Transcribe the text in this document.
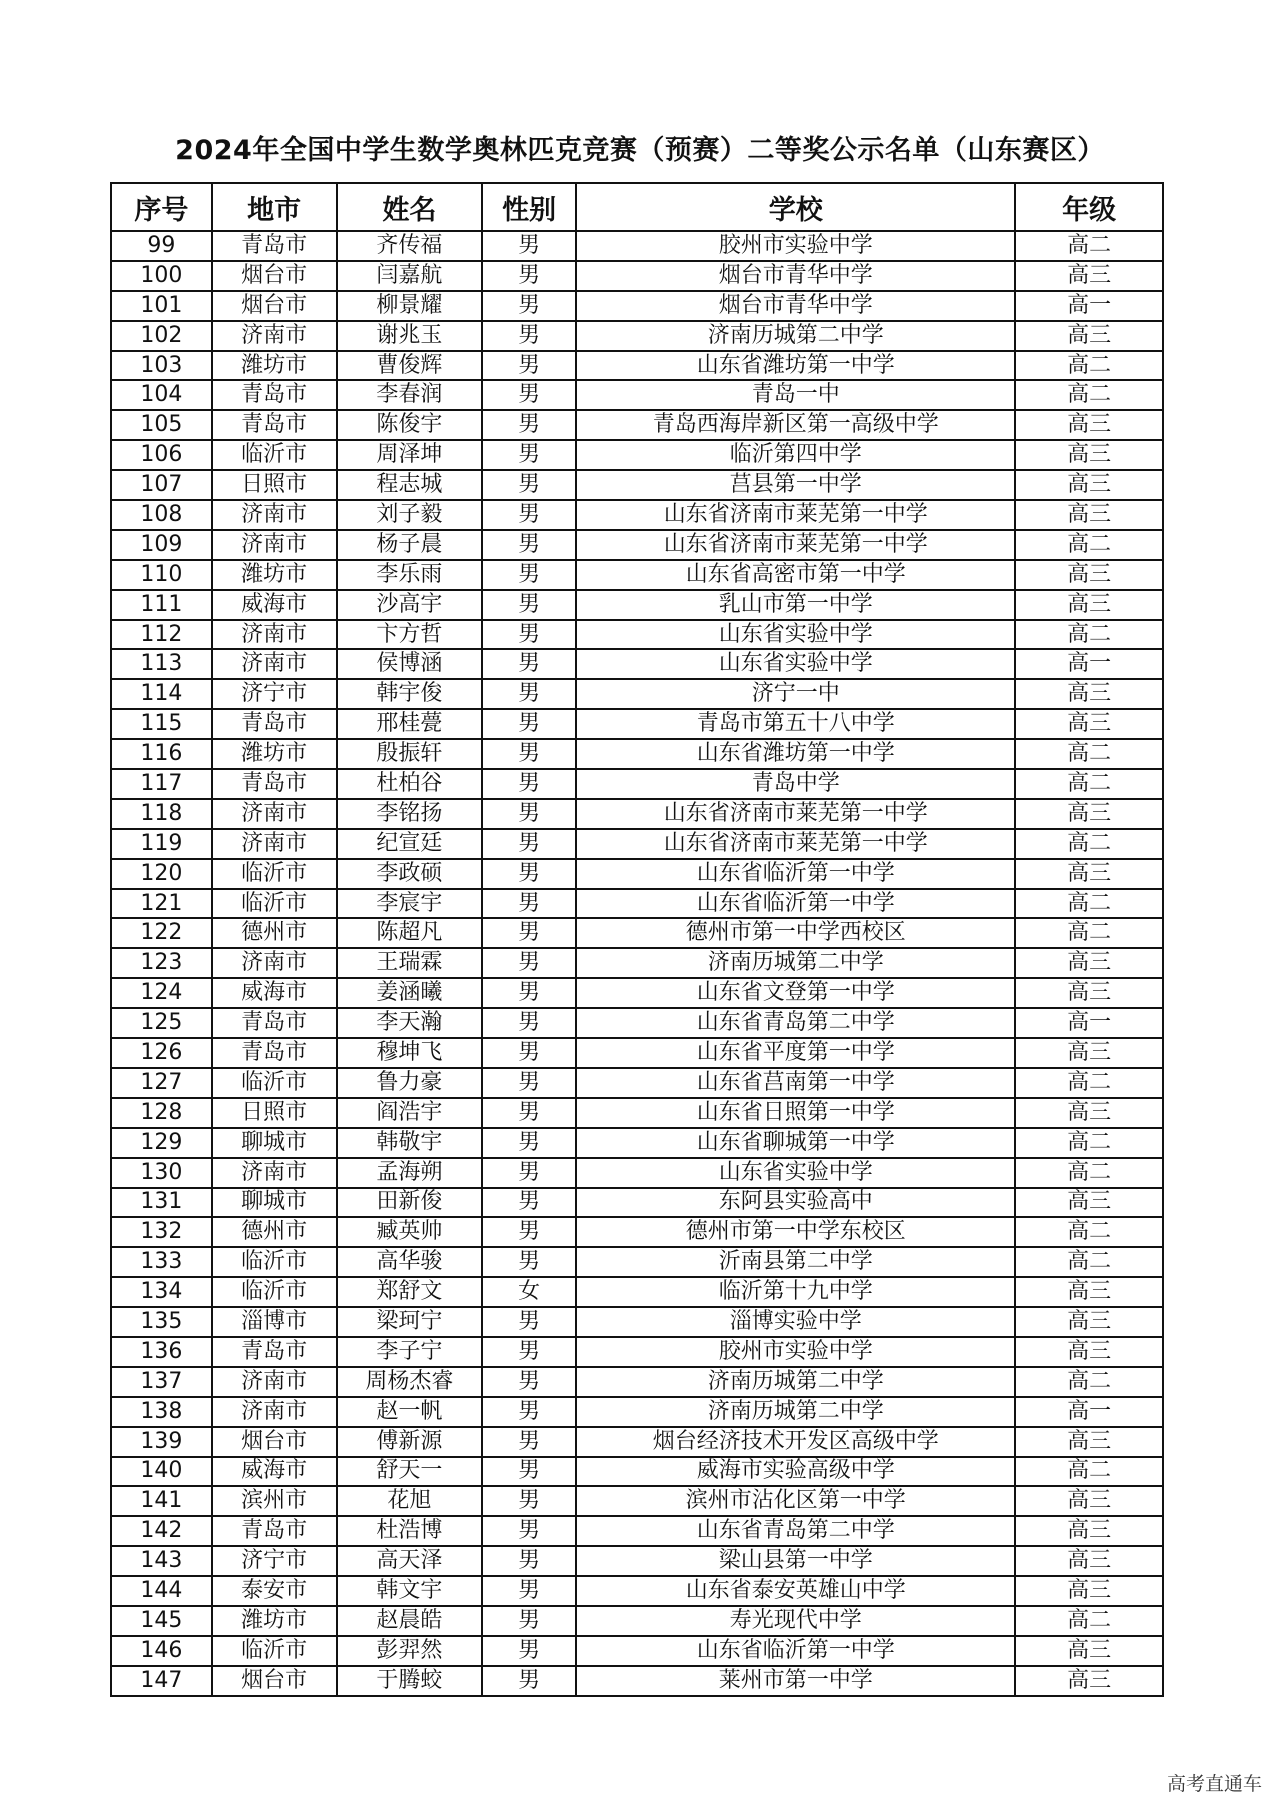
2024年全国中学生数学奥林匹克竞赛（预赛）二等奖公示名单（山东赛区）
序号	地市	姓名	性别	学校	年级
99	青岛市	齐传福	男	胶州市实验中学	高二
100	烟台市	闫嘉航	男	烟台市青华中学	高三
101	烟台市	柳景耀	男	烟台市青华中学	高一
102	济南市	谢兆玉	男	济南历城第二中学	高三
103	潍坊市	曹俊辉	男	山东省潍坊第一中学	高二
104	青岛市	李春润	男	青岛一中	高二
105	青岛市	陈俊宇	男	青岛西海岸新区第一高级中学	高三
106	临沂市	周泽坤	男	临沂第四中学	高三
107	日照市	程志城	男	莒县第一中学	高三
108	济南市	刘子毅	男	山东省济南市莱芜第一中学	高三
109	济南市	杨子晨	男	山东省济南市莱芜第一中学	高二
110	潍坊市	李乐雨	男	山东省高密市第一中学	高三
111	威海市	沙高宇	男	乳山市第一中学	高三
112	济南市	卞方哲	男	山东省实验中学	高二
113	济南市	侯博涵	男	山东省实验中学	高一
114	济宁市	韩宇俊	男	济宁一中	高三
115	青岛市	邢桂甍	男	青岛市第五十八中学	高三
116	潍坊市	殷振轩	男	山东省潍坊第一中学	高二
117	青岛市	杜柏谷	男	青岛中学	高二
118	济南市	李铭扬	男	山东省济南市莱芜第一中学	高三
119	济南市	纪宣廷	男	山东省济南市莱芜第一中学	高二
120	临沂市	李政硕	男	山东省临沂第一中学	高三
121	临沂市	李宸宇	男	山东省临沂第一中学	高二
122	德州市	陈超凡	男	德州市第一中学西校区	高二
123	济南市	王瑞霖	男	济南历城第二中学	高三
124	威海市	姜涵曦	男	山东省文登第一中学	高三
125	青岛市	李天瀚	男	山东省青岛第二中学	高一
126	青岛市	穆坤飞	男	山东省平度第一中学	高三
127	临沂市	鲁力豪	男	山东省莒南第一中学	高二
128	日照市	阎浩宇	男	山东省日照第一中学	高三
129	聊城市	韩敬宇	男	山东省聊城第一中学	高二
130	济南市	孟海朔	男	山东省实验中学	高二
131	聊城市	田新俊	男	东阿县实验高中	高三
132	德州市	臧英帅	男	德州市第一中学东校区	高二
133	临沂市	高华骏	男	沂南县第二中学	高二
134	临沂市	郑舒文	女	临沂第十九中学	高三
135	淄博市	梁珂宁	男	淄博实验中学	高三
136	青岛市	李子宁	男	胶州市实验中学	高三
137	济南市	周杨杰睿	男	济南历城第二中学	高二
138	济南市	赵一帆	男	济南历城第二中学	高一
139	烟台市	傅新源	男	烟台经济技术开发区高级中学	高三
140	威海市	舒天一	男	威海市实验高级中学	高二
141	滨州市	花旭	男	滨州市沾化区第一中学	高三
142	青岛市	杜浩博	男	山东省青岛第二中学	高三
143	济宁市	高天泽	男	梁山县第一中学	高三
144	泰安市	韩文宇	男	山东省泰安英雄山中学	高三
145	潍坊市	赵晨皓	男	寿光现代中学	高二
146	临沂市	彭羿然	男	山东省临沂第一中学	高三
147	烟台市	于腾蛟	男	莱州市第一中学	高三
高考直通车
